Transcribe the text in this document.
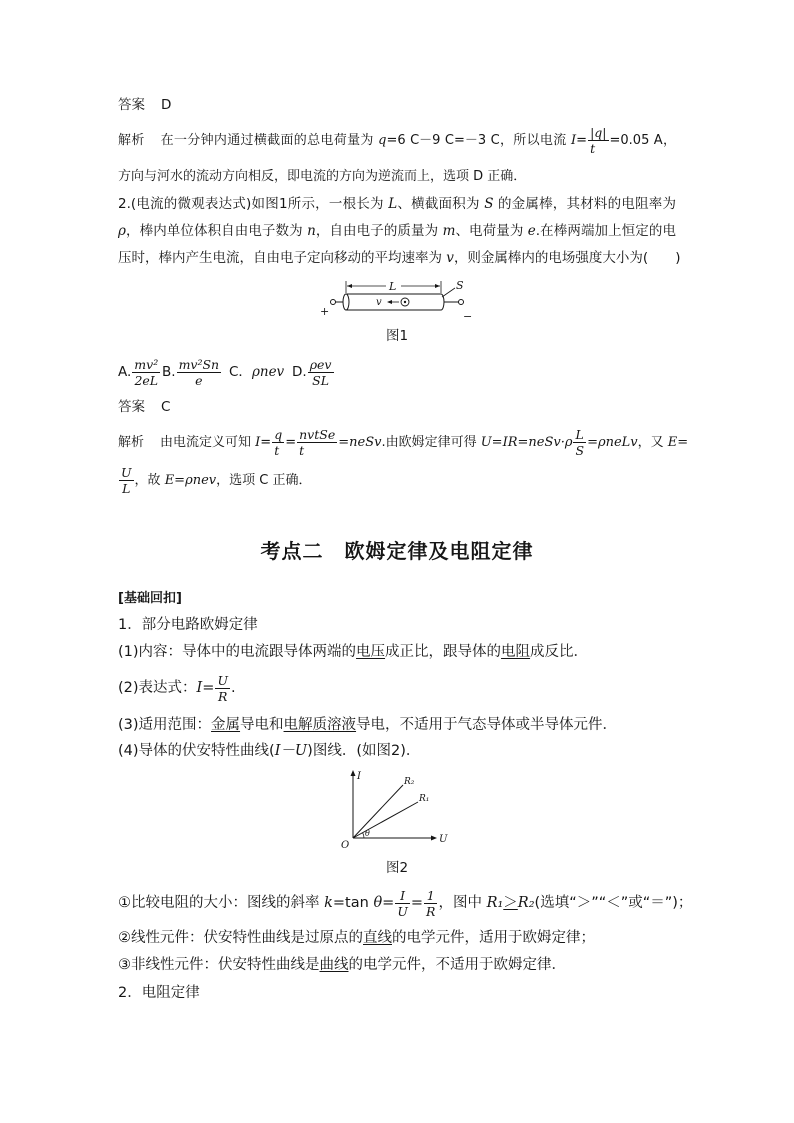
答案 D
解析 在一分钟内通过横截面的总电荷量为 q=6 C－9 C=－3 C，所以电流 $I= \frac{|q|}{t} =0.05$ A，
方向与河水的流动方向相反，即电流的方向为逆流而上，选项 D 正确．
2.(电流的微观表达式)如图1所示，一根长为 L、横截面积为 S 的金属棒，其材料的电阻率为
ρ，棒内单位体积自由电子数为 n，自由电子的质量为 m、电荷量为 e.在棒两端加上恒定的电
压时，棒内产生电流，自由电子定向移动的平均速率为 v，则金属棒内的电场强度大小为(　　)
+	−
L	S
v
图1
A. $\frac{\text{mv²}}{2eL} B$. $\frac{\text{mv²Sn}}{e}$ C．ρnev D. $\frac{\text{ρev}}{SL}$
答案 C
解析 由电流定义可知 $I= \frac{q}{t} = \frac{\text{nvtSe}}{t}$ =neSv.由欧姆定律可得 U=IR=neSv·ρ $\frac{L}{S}$ =ρneLv，又 E=
$\frac{U}{L}$ ，故 E=ρnev，选项 C 正确．
考点二　欧姆定律及电阻定律
[基础回扣]
1．部分电路欧姆定律
(1)内容：导体中的电流跟导体两端的电压成正比，跟导体的电阻成反比．
(2)表达式：$I= \frac{U}{R}$ .
(3)适用范围：金属导电和电解质溶液导电，不适用于气态导体或半导体元件．
(4)导体的伏安特性曲线(I－U)图线．(如图2)．
I
U
R₂
R₁
θ
O
图2
①比较电阻的大小：图线的斜率 k=tan $\theta= \frac{I}{U} = \frac{1}{R}$ ，图中 R₁＞R₂(选填“＞”“＜”或“＝”)；
②线性元件：伏安特性曲线是过原点的直线的电学元件，适用于欧姆定律；
③非线性元件：伏安特性曲线是曲线的电学元件，不适用于欧姆定律．
2．电阻定律
